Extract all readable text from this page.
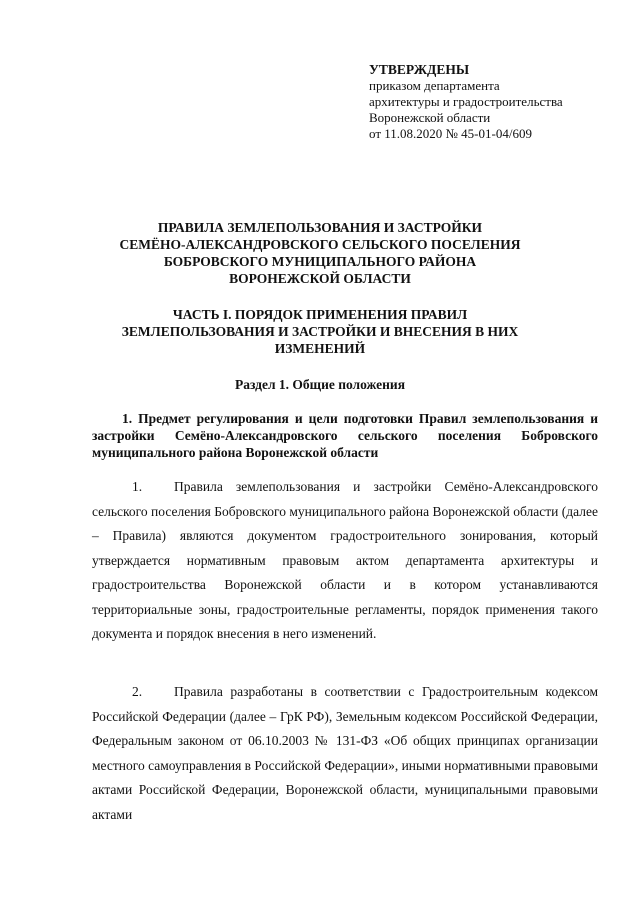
УТВЕРЖДЕНЫ
приказом департамента
архитектуры и градостроительства
Воронежской области
от 11.08.2020 № 45-01-04/609
ПРАВИЛА ЗЕМЛЕПОЛЬЗОВАНИЯ И ЗАСТРОЙКИ
СЕМЁНО-АЛЕКСАНДРОВСКОГО СЕЛЬСКОГО ПОСЕЛЕНИЯ
БОБРОВСКОГО МУНИЦИПАЛЬНОГО РАЙОНА
ВОРОНЕЖСКОЙ ОБЛАСТИ
ЧАСТЬ I. ПОРЯДОК ПРИМЕНЕНИЯ ПРАВИЛ
ЗЕМЛЕПОЛЬЗОВАНИЯ И ЗАСТРОЙКИ И ВНЕСЕНИЯ В НИХ
ИЗМЕНЕНИЙ
Раздел 1. Общие положения
1. Предмет регулирования и цели подготовки Правил землепользования и застройки Семёно-Александровского сельского поселения Бобровского муниципального района Воронежской области

1. Правила землепользования и застройки Семёно-Александровского сельского поселения Бобровского муниципального района Воронежской области (далее – Правила) являются документом градостроительного зонирования, который утверждается нормативным правовым актом департамента архитектуры и градостроительства Воронежской области и в котором устанавливаются территориальные зоны, градостроительные регламенты, порядок применения такого документа и порядок внесения в него изменений.

2. Правила разработаны в соответствии с Градостроительным кодексом Российской Федерации (далее – ГрК РФ), Земельным кодексом Российской Федерации, Федеральным законом от 06.10.2003 № 131-ФЗ «Об общих принципах организации местного самоуправления в Российской Федерации», иными нормативными правовыми актами Российской Федерации, Воронежской области, муниципальными правовыми актами
